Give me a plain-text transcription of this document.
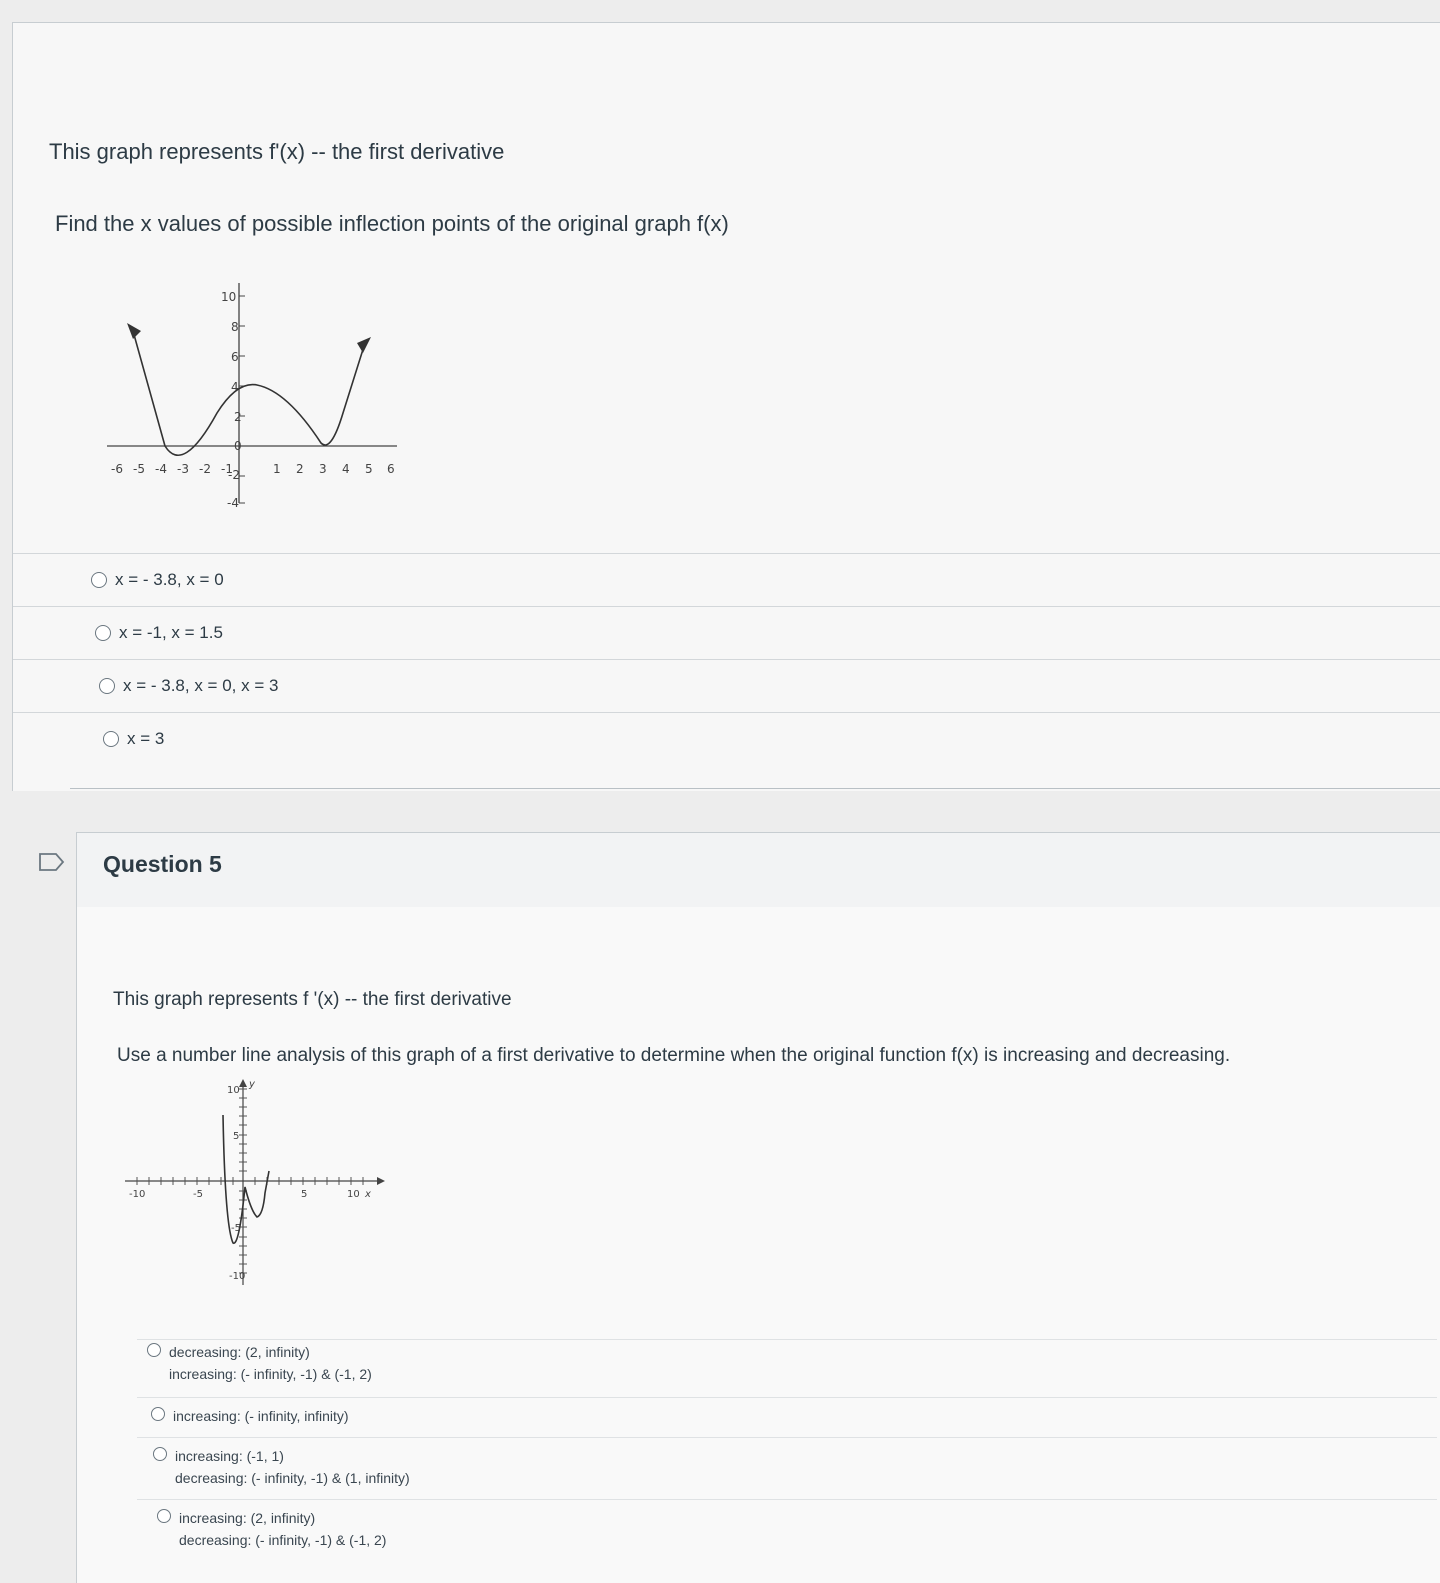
This graph represents f'(x) -- the first derivative
Find the x values of possible inflection points of the original graph f(x)
10
8
6
4
2
0
-2
-4
-6 -5 -4 -3 -2 -1	1 2 3 4 5 6
x = - 3.8, x = 0
x = -1, x = 1.5
x = - 3.8, x = 0, x = 3
x = 3
Question 5
This graph represents f '(x) -- the first derivative
Use a number line analysis of this graph of a first derivative to determine when the original function f(x) is increasing and decreasing.
10
y
5
-5
-10
-10	-5	5	10 x
decreasing: (2, infinity)
increasing: (- infinity, -1) & (-1, 2)
increasing: (- infinity, infinity)
increasing: (-1, 1)
decreasing: (- infinity, -1) & (1, infinity)
increasing: (2, infinity)
decreasing: (- infinity, -1) & (-1, 2)
